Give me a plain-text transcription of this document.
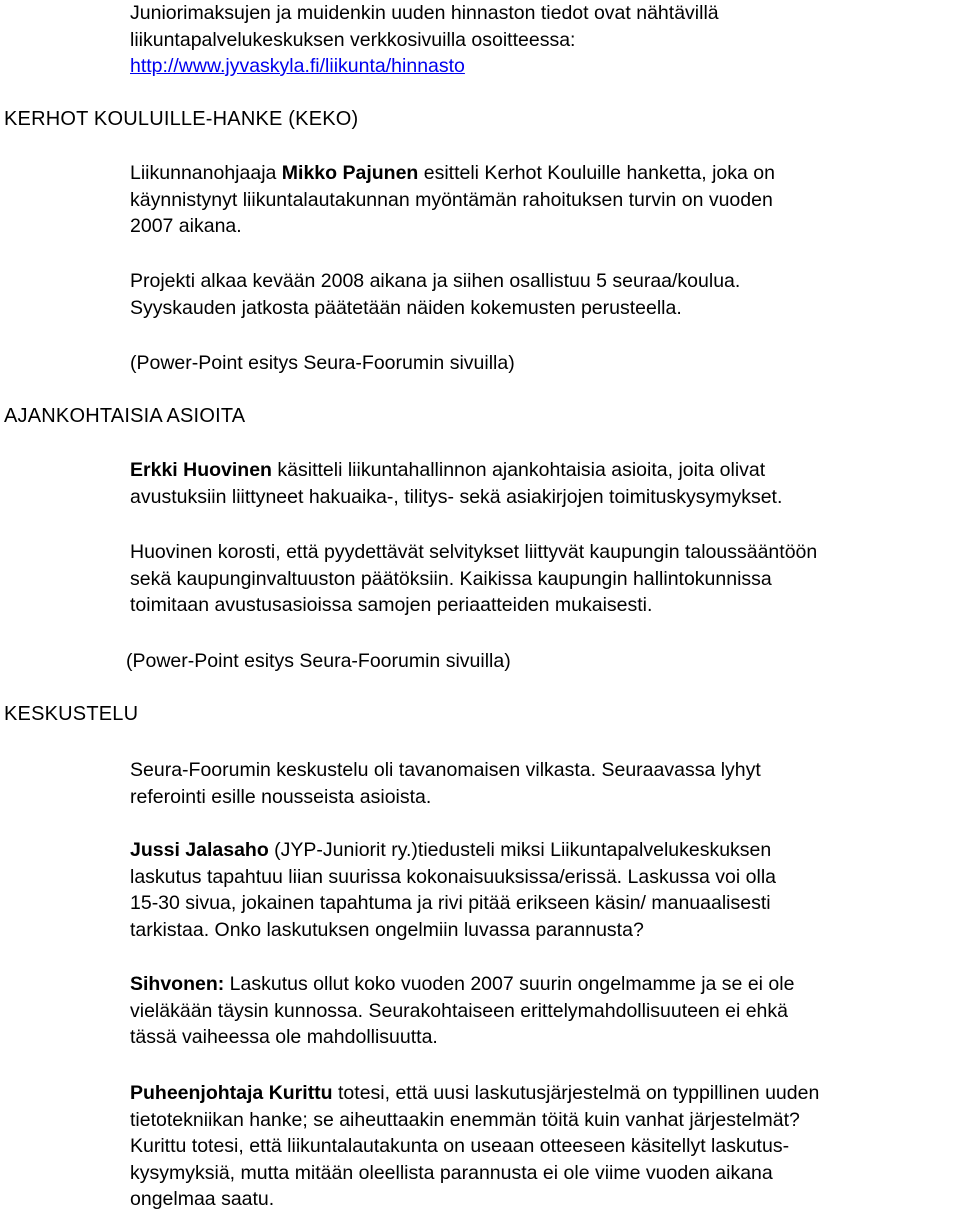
Juniorimaksujen ja muidenkin uuden hinnaston tiedot ovat nähtävillä

liikuntapalvelukeskuksen verkkosivuilla osoitteessa:

http://www.jyvaskyla.fi/liikunta/hinnasto

KERHOT KOULUILLE-HANKE (KEKO)

Liikunnanohjaaja Mikko Pajunen esitteli Kerhot Kouluille hanketta, joka on

käynnistynyt liikuntalautakunnan myöntämän rahoituksen turvin on vuoden

2007 aikana.

Projekti alkaa kevään 2008 aikana ja siihen osallistuu 5 seuraa/koulua.

Syyskauden jatkosta päätetään näiden kokemusten perusteella.

(Power-Point esitys Seura-Foorumin sivuilla)

AJANKOHTAISIA ASIOITA

Erkki Huovinen käsitteli liikuntahallinnon ajankohtaisia asioita, joita olivat

avustuksiin liittyneet hakuaika-, tilitys- sekä asiakirjojen toimituskysymykset.

Huovinen korosti, että pyydettävät selvitykset liittyvät kaupungin taloussääntöön

sekä kaupunginvaltuuston päätöksiin. Kaikissa kaupungin hallintokunnissa

toimitaan avustusasioissa samojen periaatteiden mukaisesti.

(Power-Point esitys Seura-Foorumin sivuilla)

KESKUSTELU

Seura-Foorumin keskustelu oli tavanomaisen vilkasta. Seuraavassa lyhyt

referointi esille nousseista asioista.

Jussi Jalasaho (JYP-Juniorit ry.)tiedusteli miksi Liikuntapalvelukeskuksen

laskutus tapahtuu liian suurissa kokonaisuuksissa/erissä. Laskussa voi olla

15-30 sivua, jokainen tapahtuma ja rivi pitää erikseen käsin/ manuaalisesti

tarkistaa. Onko laskutuksen ongelmiin luvassa parannusta?

Sihvonen: Laskutus ollut koko vuoden 2007 suurin ongelmamme ja se ei ole

vieläkään täysin kunnossa. Seurakohtaiseen erittelymahdollisuuteen ei ehkä

tässä vaiheessa ole mahdollisuutta.

Puheenjohtaja Kurittu totesi, että uusi laskutusjärjestelmä on typpillinen uuden

tietotekniikan hanke; se aiheuttaakin enemmän töitä kuin vanhat järjestelmät?

Kurittu totesi, että liikuntalautakunta on useaan otteeseen käsitellyt laskutus-

kysymyksiä, mutta mitään oleellista parannusta ei ole viime vuoden aikana

ongelmaa saatu.
